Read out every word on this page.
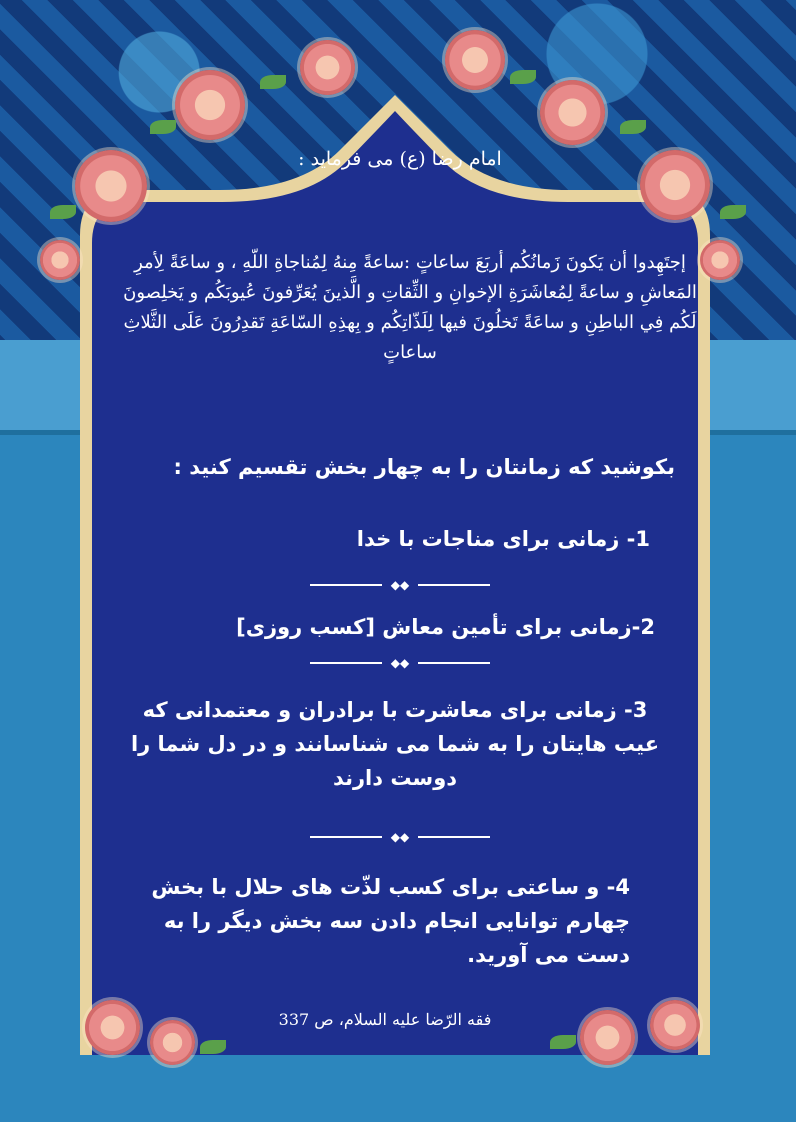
امام رضا (ع) می فرماید :
إجتَهِدوا أن يَكونَ زَمانُكُم أربَعَ ساعاتٍ :ساعةً مِنهُ لِمُناجاةِ اللّهِ ، و ساعَةً لِأمرِ المَعاشِ و ساعةً لِمُعاشَرَةِ الإخوانِ و الثِّقاتِ و الَّذينَ يُعَرِّفونَ عُيوبَكُم و يَخلِصونَ لَكُم فِي الباطِنِ و ساعَةً تَخلُونَ فيها لِلَذّاتِكُم و بِهذِهِ السّاعَةِ تَقدِرُونَ عَلَى الثَّلاثِ ساعاتٍ
بکوشید که زمانتان را به چهار بخش تقسیم کنید :
1- زمانی برای مناجات با خدا
◆◆
2-زمانی برای تأمین معاش [کسب روزی]
◆◆
3- زمانی برای معاشرت با برادران و معتمدانی که عیب هایتان را به شما می شناسانند و در دل شما را دوست دارند
◆◆
4- و ساعتی برای کسب لذّت های حلال با بخش چهارم توانایی انجام دادن سه بخش دیگر را به دست می آورید.
فقه الرّضا علیه السلام، ص 337
